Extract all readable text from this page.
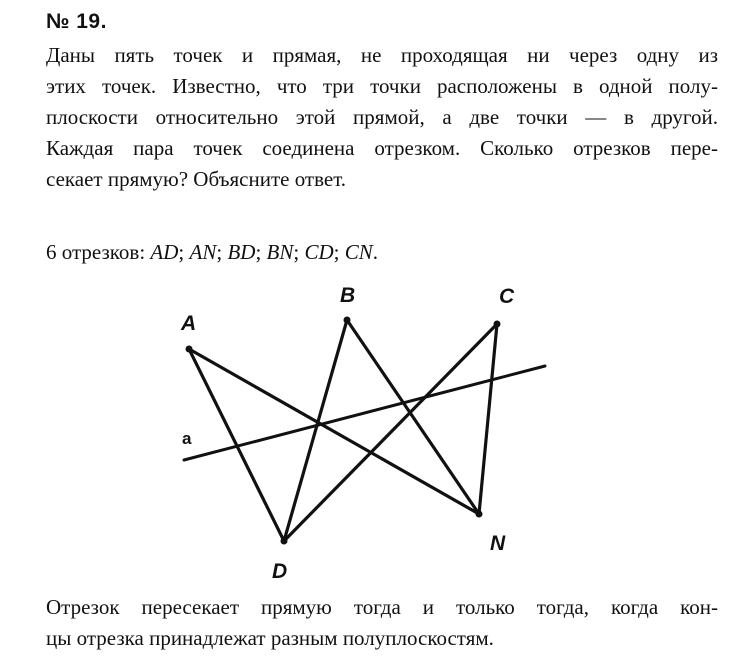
№ 19.
Даны пять точек и прямая, не проходящая ни через одну из
этих точек. Известно, что три точки расположены в одной полу-
плоскости относительно этой прямой, а две точки — в другой.
Каждая пара точек соединена отрезком. Сколько отрезков пере-
секает прямую? Объясните ответ.
6 отрезков: AD; AN; BD; BN; CD; CN.
A
B	C
D
N
a
Отрезок пересекает прямую тогда и только тогда, когда кон-
цы отрезка принадлежат разным полуплоскостям.
